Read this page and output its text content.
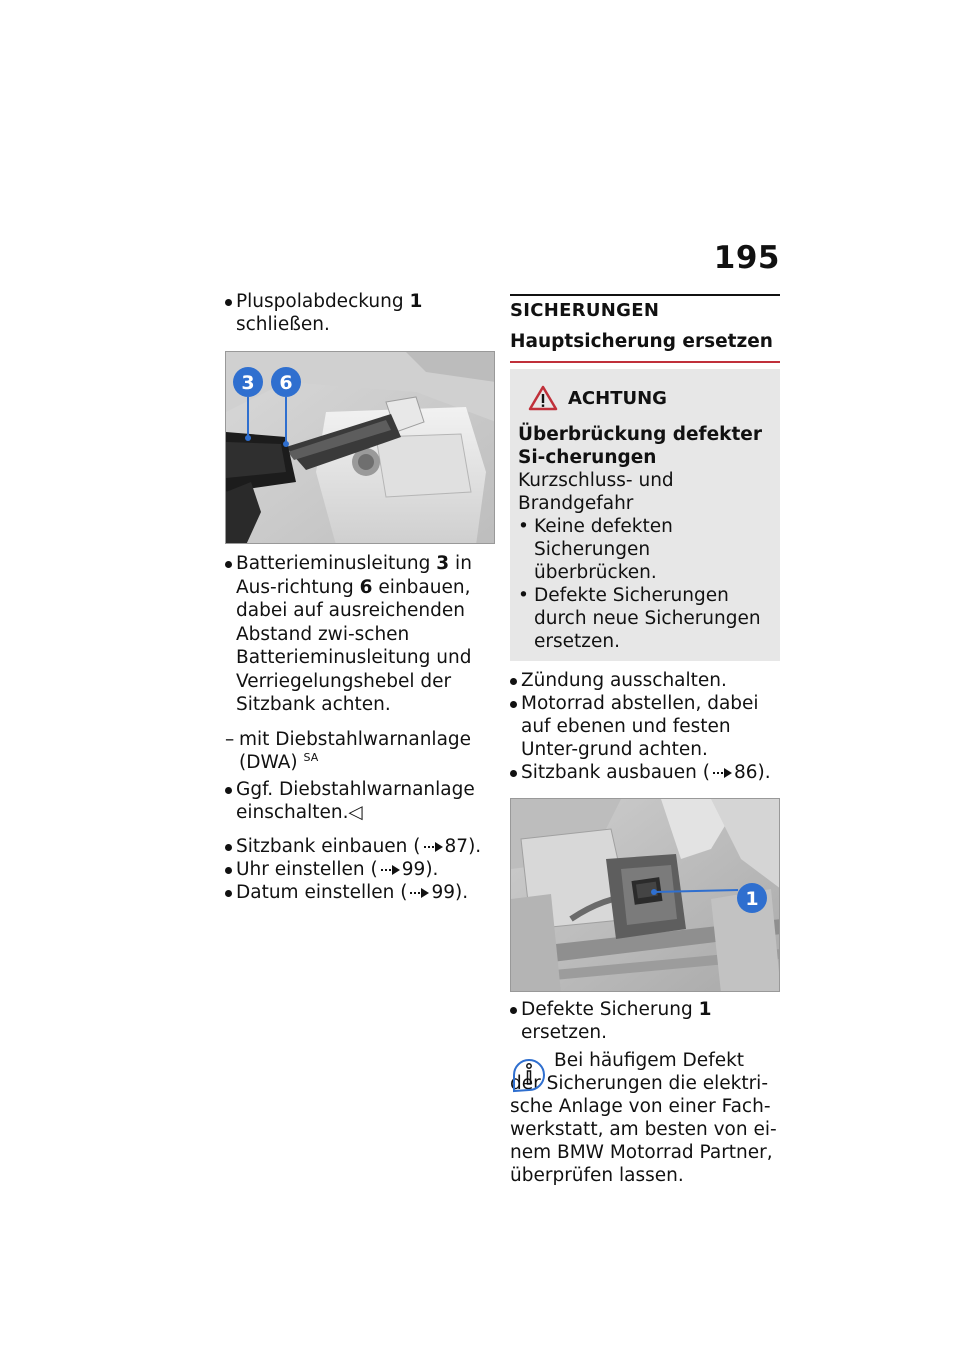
195
Pluspolabdeckung 1
schließen.
3 6
Batterieminusleitung 3 in Aus-richtung 6 einbauen, dabei auf ausreichenden Abstand zwi-schen Batterieminusleitung und Verriegelungshebel der Sitzbank achten.
– mit Diebstahlwarnanlage (DWA) $^{SA}$
Ggf. Diebstahlwarnanlage einschalten.◁
Sitzbank einbauen ( 87).
Uhr einstellen ( 99).
Datum einstellen ( 99).
SICHERUNGEN
Hauptsicherung ersetzen
ACHTUNG
Überbrückung defekter Si-cherungen
Kurzschluss- und Brandgefahr
• Keine defekten Sicherungen überbrücken.
• Defekte Sicherungen durch neue Sicherungen ersetzen.
Zündung ausschalten.
Motorrad abstellen, dabei auf ebenen und festen Unter-grund achten.
Sitzbank ausbauen ( 86).
1
Defekte Sicherung 1 ersetzen.
Bei häufigem Defekt der Sicherungen die elektri-sche Anlage von einer Fach-werkstatt, am besten von ei-nem BMW Motorrad Partner, überprüfen lassen.
